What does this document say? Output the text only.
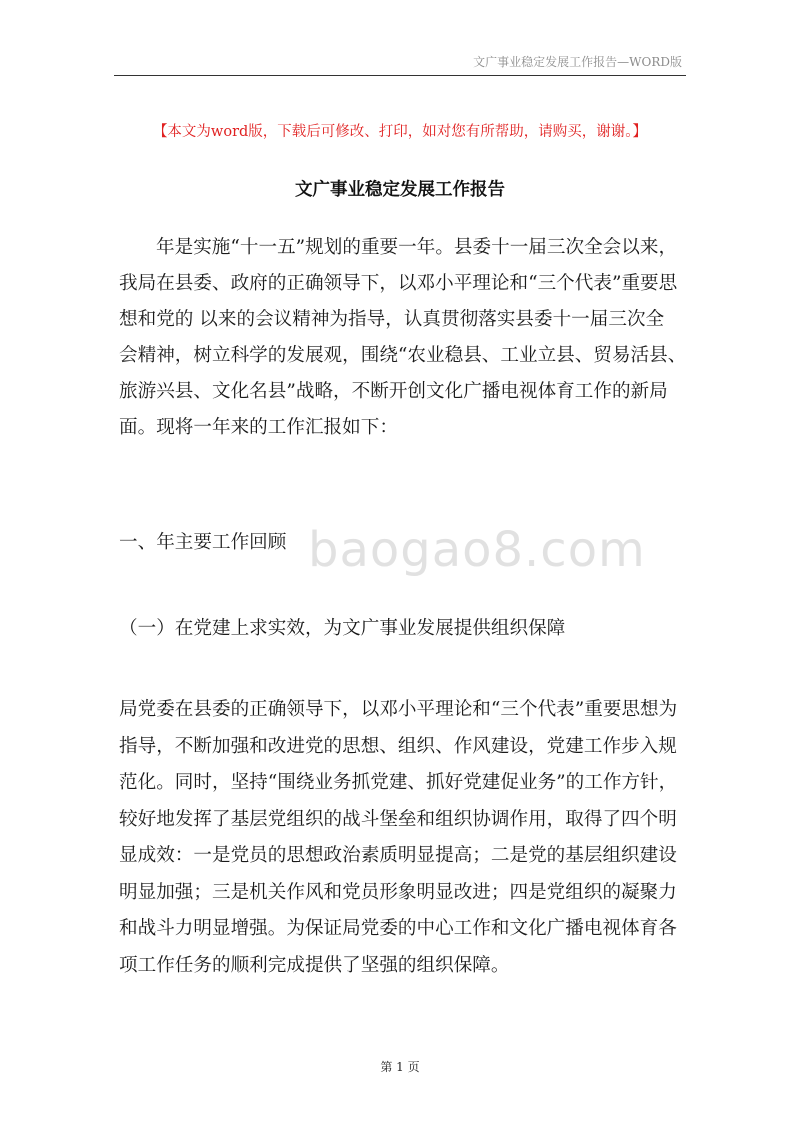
文广事业稳定发展工作报告—WORD版
【本文为word版，下载后可修改、打印，如对您有所帮助，请购买，谢谢。】
文广事业稳定发展工作报告
年是实施“十一五”规划的重要一年。县委十一届三次全会以来，
我局在县委、政府的正确领导下，以邓小平理论和“三个代表”重要思
想和党的 以来的会议精神为指导，认真贯彻落实县委十一届三次全
会精神，树立科学的发展观，围绕“农业稳县、工业立县、贸易活县、
旅游兴县、文化名县”战略，不断开创文化广播电视体育工作的新局
面。现将一年来的工作汇报如下：
baogao8.com
一、年主要工作回顾
（一）在党建上求实效，为文广事业发展提供组织保障
局党委在县委的正确领导下，以邓小平理论和“三个代表”重要思想为
指导，不断加强和改进党的思想、组织、作风建设，党建工作步入规
范化。同时，坚持“围绕业务抓党建、抓好党建促业务”的工作方针，
较好地发挥了基层党组织的战斗堡垒和组织协调作用，取得了四个明
显成效：一是党员的思想政治素质明显提高；二是党的基层组织建设
明显加强；三是机关作风和党员形象明显改进；四是党组织的凝聚力
和战斗力明显增强。为保证局党委的中心工作和文化广播电视体育各
项工作任务的顺利完成提供了坚强的组织保障。
第 1 页
